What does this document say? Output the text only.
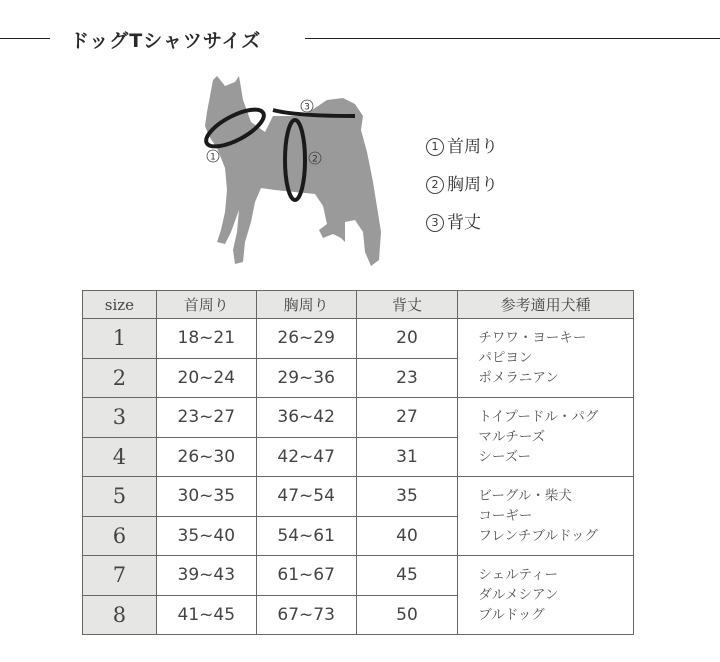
ドッグTシャツサイズ
3
1	2
1 首周り
2 胸周り
3 背丈
size	首周り	胸周り	背丈	参考適用犬種
1	18~21	26~29	20	チワワ・ヨーキー
パピヨン
ポメラニアン

2	20~24	29~36	23	
3	23~27	36~42	27	トイプードル・パグ
マルチーズ
シーズー

4	26~30	42~47	31	
5	30~35	47~54	35	ビーグル・柴犬
コーギー
フレンチブルドッグ

6	35~40	54~61	40	
7	39~43	61~67	45	シェルティー
ダルメシアン
ブルドッグ

8	41~45	67~73	50	
